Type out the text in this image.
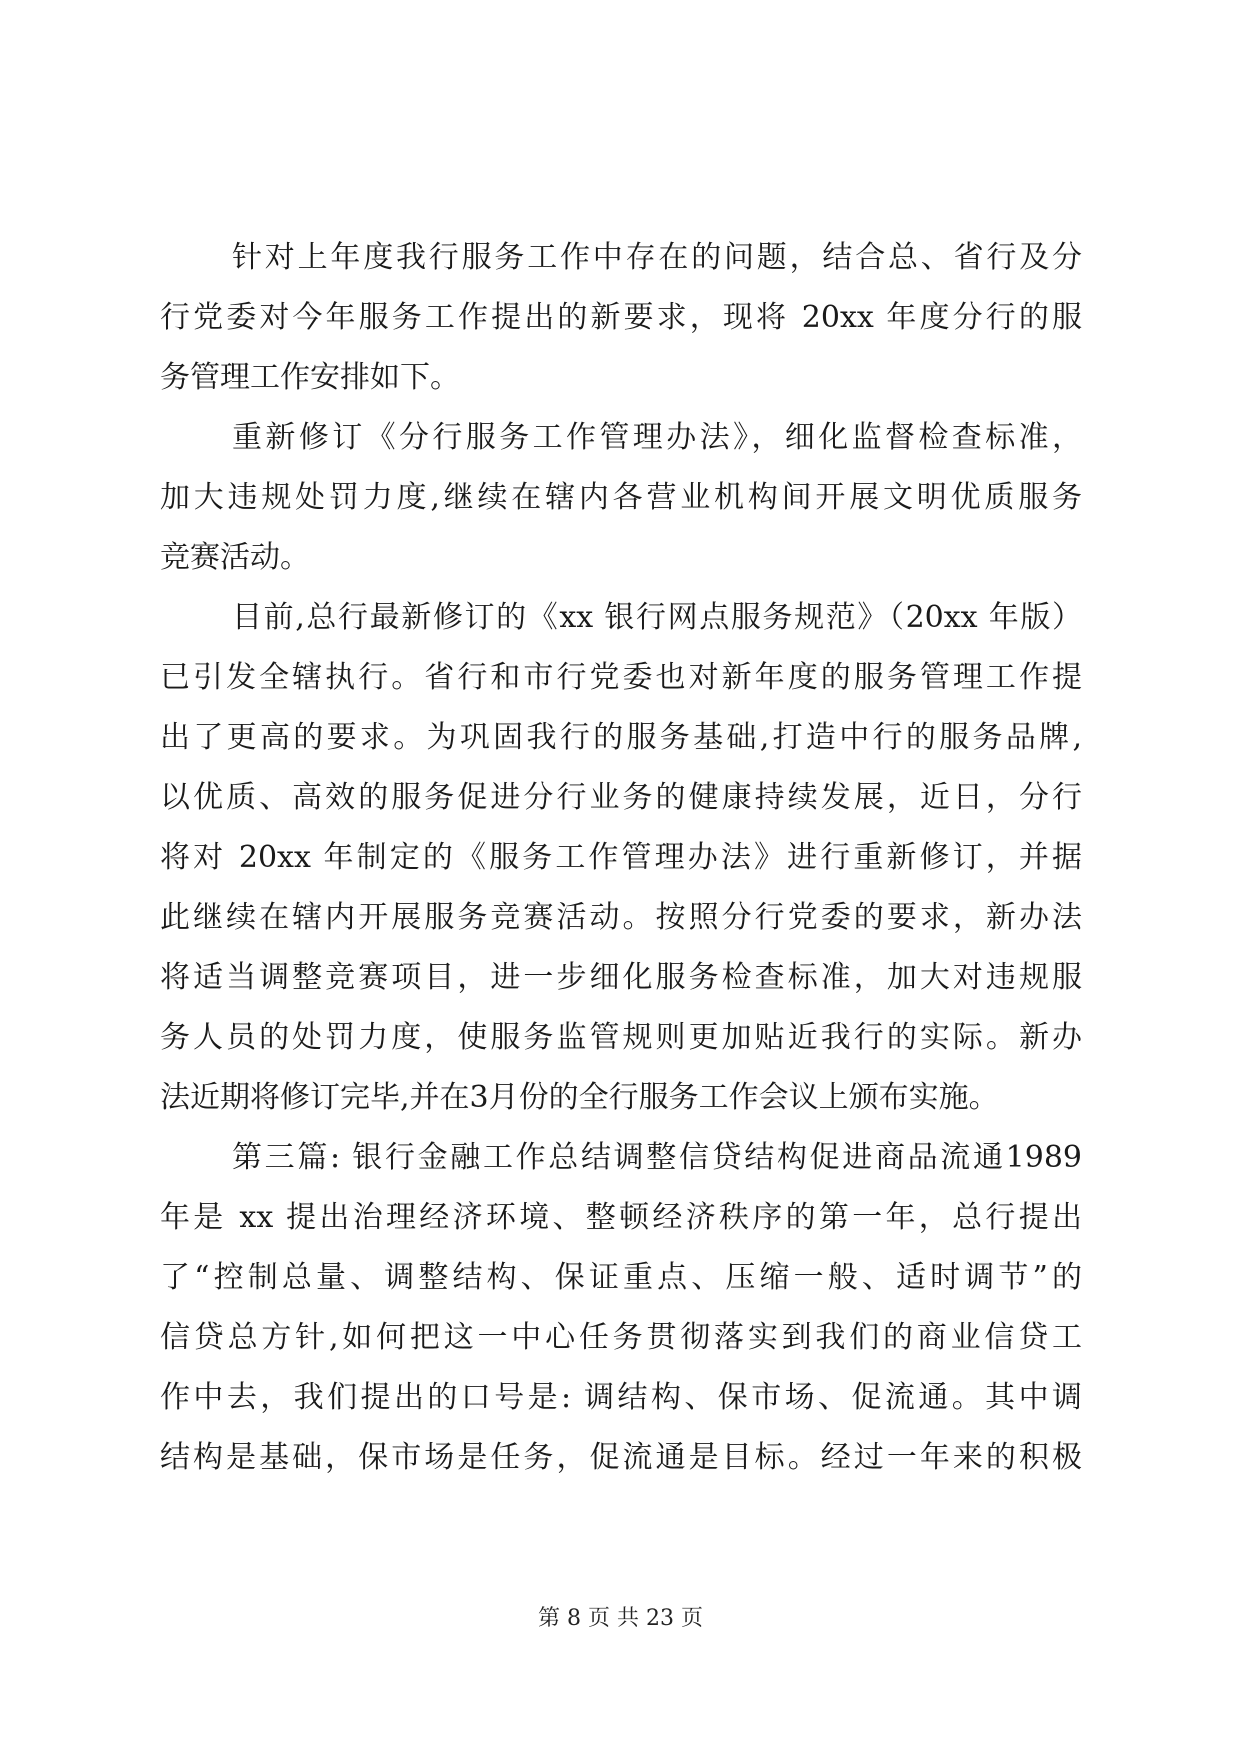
针对上年度我行服务工作中存在的问题，结合总、省行及分
行党委对今年服务工作提出的新要求，现将 20xx 年度分行的服
务管理工作安排如下。
重新修订《分行服务工作管理办法》，细化监督检查标准，
加大违规处罚力度,继续在辖内各营业机构间开展文明优质服务
竞赛活动。
目前,总行最新修订的《xx 银行网点服务规范》（20xx 年版）
已引发全辖执行。省行和市行党委也对新年度的服务管理工作提
出了更高的要求。为巩固我行的服务基础,打造中行的服务品牌,
以优质、高效的服务促进分行业务的健康持续发展，近日，分行
将对 20xx 年制定的《服务工作管理办法》进行重新修订，并据
此继续在辖内开展服务竞赛活动。按照分行党委的要求，新办法
将适当调整竞赛项目，进一步细化服务检查标准，加大对违规服
务人员的处罚力度，使服务监管规则更加贴近我行的实际。新办
法近期将修订完毕,并在3月份的全行服务工作会议上颁布实施。
第三篇: 银行金融工作总结调整信贷结构促进商品流通1989
年是 xx 提出治理经济环境、整顿经济秩序的第一年，总行提出
了“控制总量、调整结构、保证重点、压缩一般、适时调节”的
信贷总方针,如何把这一中心任务贯彻落实到我们的商业信贷工
作中去，我们提出的口号是: 调结构、保市场、促流通。其中调
结构是基础，保市场是任务，促流通是目标。经过一年来的积极
第 8 页 共 23 页
